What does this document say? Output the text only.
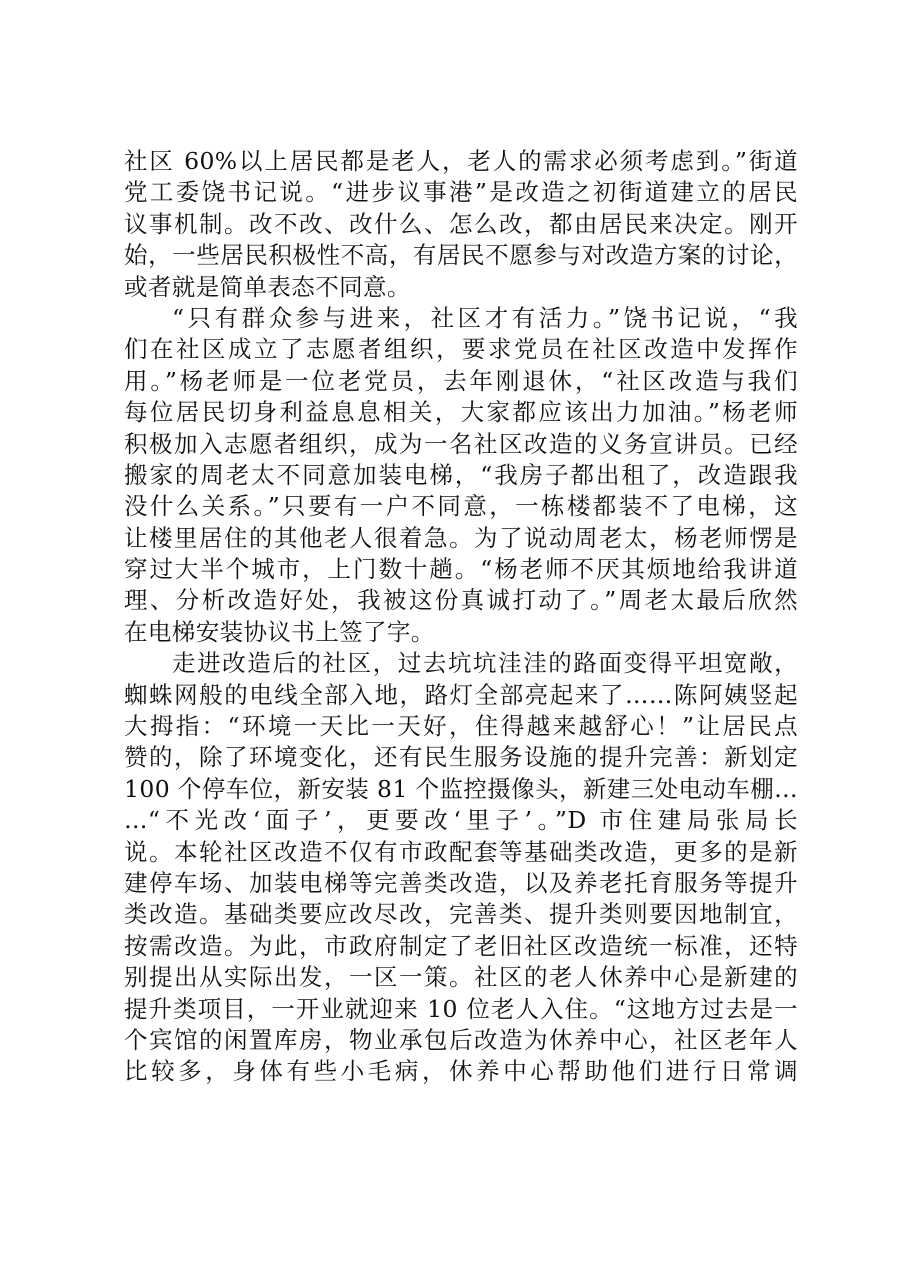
社区 60%以上居民都是老人，老人的需求必须考虑到。”街道
党工委饶书记说。“进步议事港”是改造之初街道建立的居民
议事机制。改不改、改什么、怎么改，都由居民来决定。刚开
始，一些居民积极性不高，有居民不愿参与对改造方案的讨论，
或者就是简单表态不同意。
“只有群众参与进来，社区才有活力。”饶书记说，“我
们在社区成立了志愿者组织，要求党员在社区改造中发挥作
用。”杨老师是一位老党员，去年刚退休，“社区改造与我们
每位居民切身利益息息相关，大家都应该出力加油。”杨老师
积极加入志愿者组织，成为一名社区改造的义务宣讲员。已经
搬家的周老太不同意加装电梯，“我房子都出租了，改造跟我
没什么关系。”只要有一户不同意，一栋楼都装不了电梯，这
让楼里居住的其他老人很着急。为了说动周老太，杨老师愣是
穿过大半个城市，上门数十趟。“杨老师不厌其烦地给我讲道
理、分析改造好处，我被这份真诚打动了。”周老太最后欣然
在电梯安装协议书上签了字。
走进改造后的社区，过去坑坑洼洼的路面变得平坦宽敞，
蜘蛛网般的电线全部入地，路灯全部亮起来了……陈阿姨竖起
大拇指：“环境一天比一天好，住得越来越舒心！”让居民点
赞的，除了环境变化，还有民生服务设施的提升完善：新划定
100 个停车位，新安装 81 个监控摄像头，新建三处电动车棚…
…“不光改‘面子’，更要改‘里子’。”D 市住建局张局长
说。本轮社区改造不仅有市政配套等基础类改造，更多的是新
建停车场、加装电梯等完善类改造，以及养老托育服务等提升
类改造。基础类要应改尽改，完善类、提升类则要因地制宜，
按需改造。为此，市政府制定了老旧社区改造统一标准，还特
别提出从实际出发，一区一策。社区的老人休养中心是新建的
提升类项目，一开业就迎来 10 位老人入住。“这地方过去是一
个宾馆的闲置库房，物业承包后改造为休养中心，社区老年人
比较多，身体有些小毛病，休养中心帮助他们进行日常调
